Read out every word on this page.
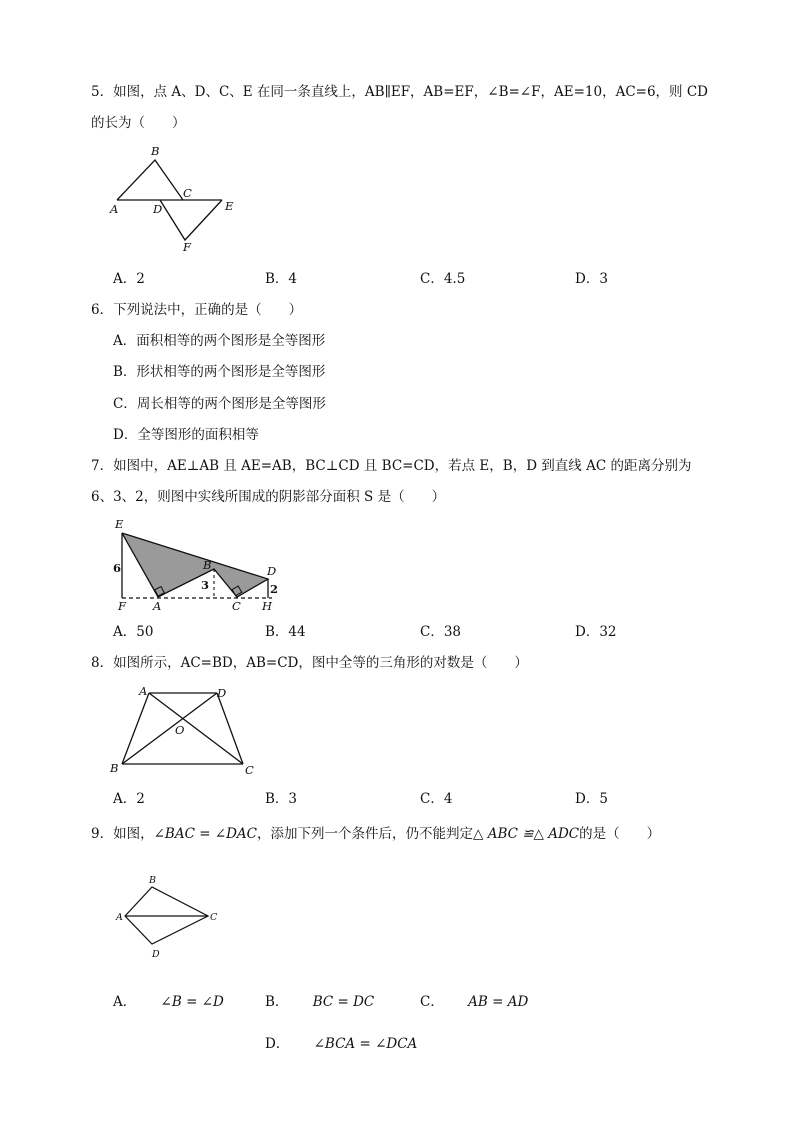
5．如图，点 A、D、C、E 在同一条直线上，AB∥EF，AB=EF，∠B=∠F，AE=10，AC=6，则 CD
的长为（　　）
B
C
A	D	E
F
A．2	B．4	C．4.5	D．3
6．下列说法中，正确的是（　　）
A．面积相等的两个图形是全等图形
B．形状相等的两个图形是全等图形
C．周长相等的两个图形是全等图形
D．全等图形的面积相等
7．如图中，AE⊥AB 且 AE=AB，BC⊥CD 且 BC=CD，若点 E，B，D 到直线 AC 的距离分别为
6、3、2，则图中实线所围成的阴影部分面积 S 是（　　）
E
B	D
6
3	2
F A	C H
A．50	B．44	C．38	D．32
8．如图所示，AC=BD，AB=CD，图中全等的三角形的对数是（　　）
A	D
O
B	C
A．2	B．3	C．4	D．5
9．如图，∠BAC = ∠DAC，添加下列一个条件后，仍不能判定△ ABC ≌△ ADC的是（　　）
B
A	C
D
A． ∠B = ∠D	B． BC = DC	C． AB = AD
D． ∠BCA = ∠DCA
